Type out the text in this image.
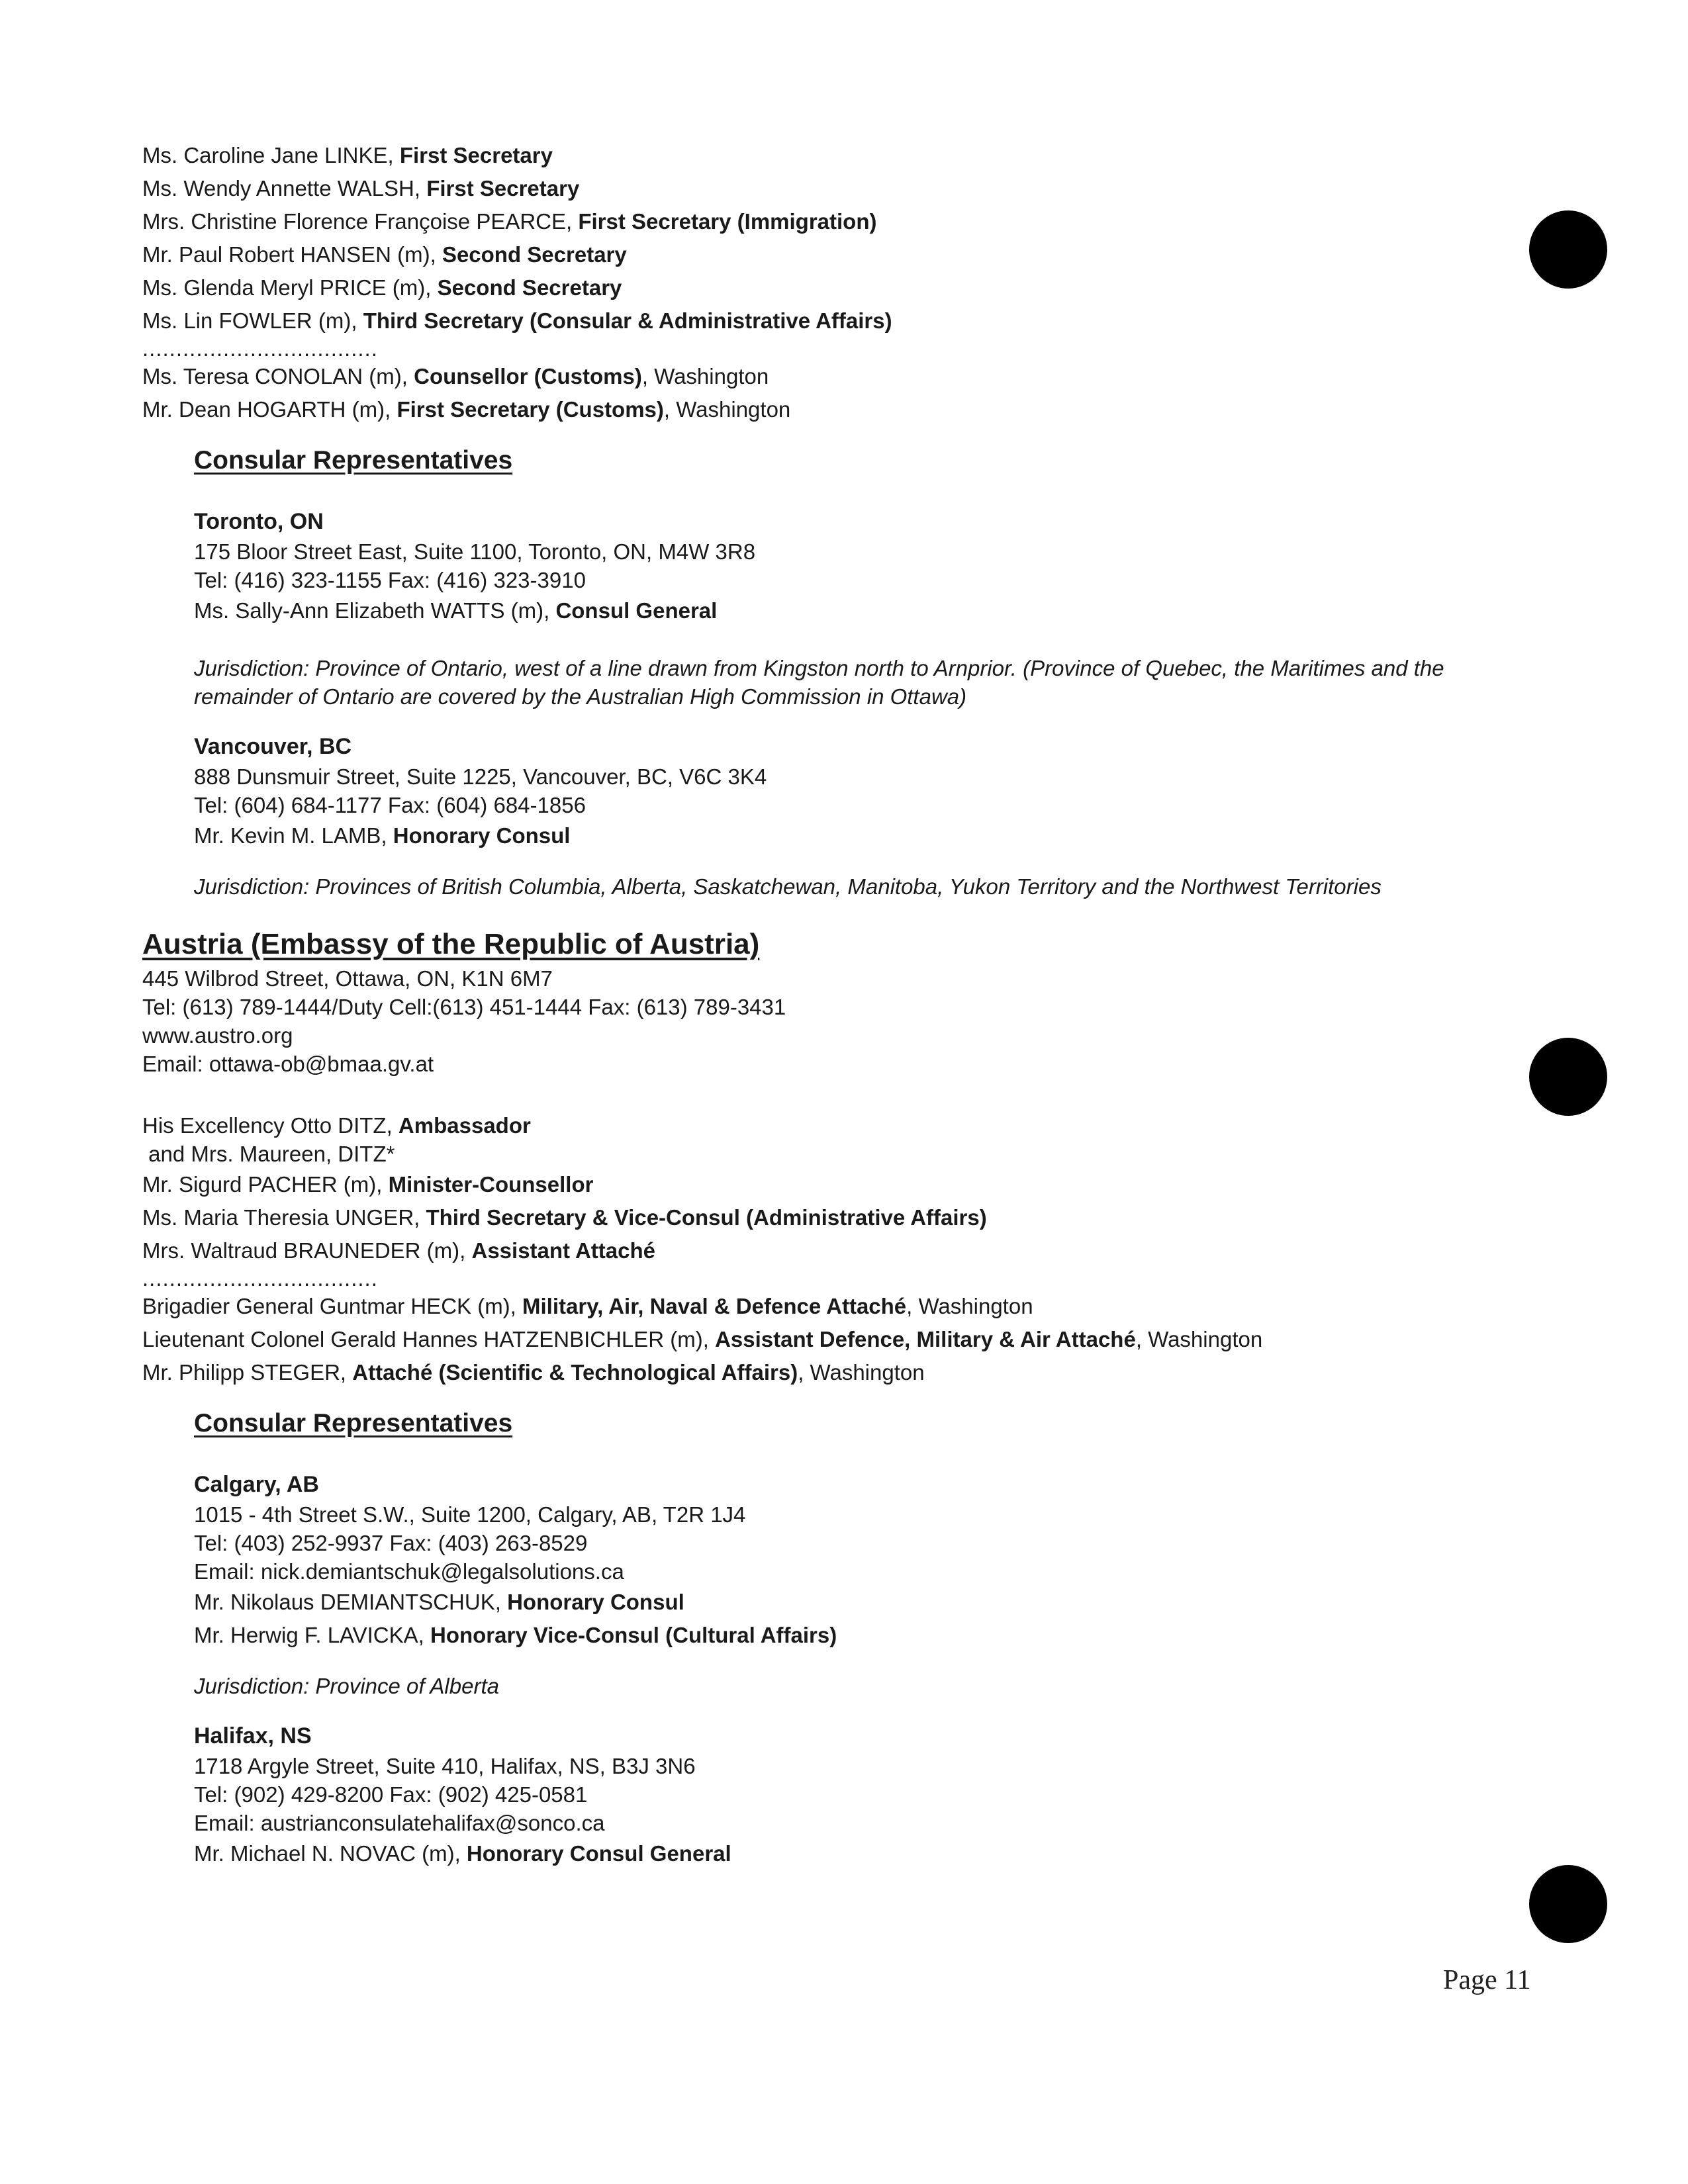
Ms. Caroline Jane LINKE, First Secretary
Ms. Wendy Annette WALSH, First Secretary
Mrs. Christine Florence Françoise PEARCE, First Secretary (Immigration)
Mr. Paul Robert HANSEN (m), Second Secretary
Ms. Glenda Meryl PRICE (m), Second Secretary
Ms. Lin FOWLER (m), Third Secretary (Consular & Administrative Affairs)
...................................
Ms. Teresa CONOLAN (m), Counsellor (Customs), Washington
Mr. Dean HOGARTH (m), First Secretary (Customs), Washington
Consular Representatives
Toronto, ON
175 Bloor Street East, Suite 1100, Toronto, ON, M4W 3R8
Tel: (416) 323-1155 Fax: (416) 323-3910
Ms. Sally-Ann Elizabeth WATTS (m), Consul General
Jurisdiction: Province of Ontario, west of a line drawn from Kingston north to Arnprior. (Province of Quebec, the Maritimes and the remainder of Ontario are covered by the Australian High Commission in Ottawa)
Vancouver, BC
888 Dunsmuir Street, Suite 1225, Vancouver, BC, V6C 3K4
Tel: (604) 684-1177 Fax: (604) 684-1856
Mr. Kevin M. LAMB, Honorary Consul
Jurisdiction: Provinces of British Columbia, Alberta, Saskatchewan, Manitoba, Yukon Territory and the Northwest Territories
Austria (Embassy of the Republic of Austria)
445 Wilbrod Street, Ottawa, ON, K1N 6M7
Tel: (613) 789-1444/Duty Cell:(613) 451-1444 Fax: (613) 789-3431
www.austro.org
Email: ottawa-ob@bmaa.gv.at
His Excellency Otto DITZ, Ambassador
and Mrs. Maureen, DITZ*
Mr. Sigurd PACHER (m), Minister-Counsellor
Ms. Maria Theresia UNGER, Third Secretary & Vice-Consul (Administrative Affairs)
Mrs. Waltraud BRAUNEDER (m), Assistant Attaché
...................................
Brigadier General Guntmar HECK (m), Military, Air, Naval & Defence Attaché, Washington
Lieutenant Colonel Gerald Hannes HATZENBICHLER (m), Assistant Defence, Military & Air Attaché, Washington
Mr. Philipp STEGER, Attaché (Scientific & Technological Affairs), Washington
Consular Representatives
Calgary, AB
1015 - 4th Street S.W., Suite 1200, Calgary, AB, T2R 1J4
Tel: (403) 252-9937 Fax: (403) 263-8529
Email: nick.demiantschuk@legalsolutions.ca
Mr. Nikolaus DEMIANTSCHUK, Honorary Consul
Mr. Herwig F. LAVICKA, Honorary Vice-Consul (Cultural Affairs)
Jurisdiction: Province of Alberta
Halifax, NS
1718 Argyle Street, Suite 410, Halifax, NS, B3J 3N6
Tel: (902) 429-8200 Fax: (902) 425-0581
Email: austrianconsulatehalifax@sonco.ca
Mr. Michael N. NOVAC (m), Honorary Consul General
Page 11
